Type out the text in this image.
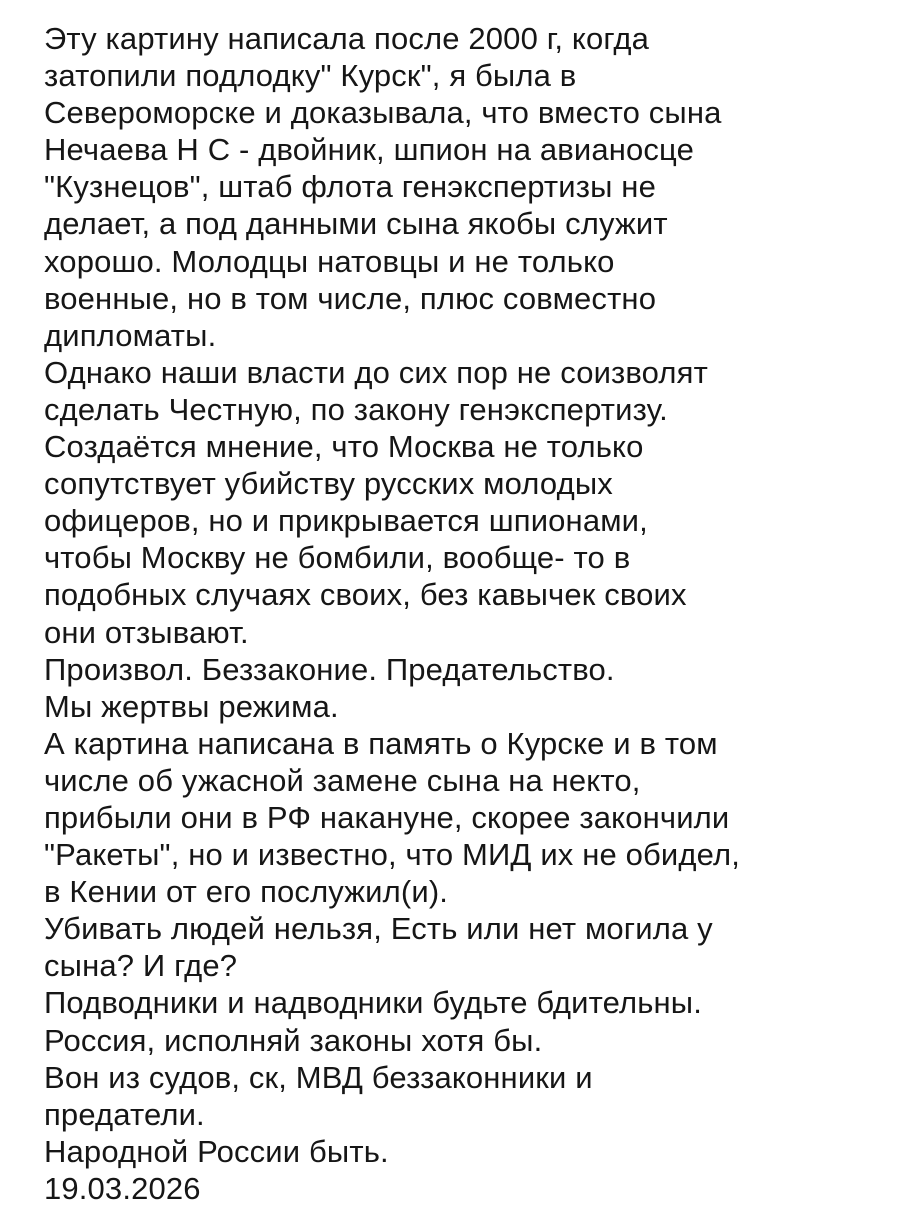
Эту картину написала после 2000 г, когда
затопили подлодку" Курск", я была в
Североморске и доказывала, что вместо сына
Нечаева Н С - двойник, шпион на авианосце
"Кузнецов", штаб флота генэкспертизы не
делает, а под данными сына якобы служит
хорошо. Молодцы натовцы и не только
военные, но в том числе, плюс совместно
дипломаты.
Однако наши власти до сих пор не соизволят
сделать Честную, по закону генэкспертизу.
Создаётся мнение, что Москва не только
сопутствует убийству русских молодых
офицеров, но и прикрывается шпионами,
чтобы Москву не бомбили, вообще- то в
подобных случаях своих, без кавычек своих
они отзывают.
Произвол. Беззаконие. Предательство.
Мы жертвы режима.
А картина написана в память о Курске и в том
числе об ужасной замене сына на некто,
прибыли они в РФ накануне, скорее закончили
"Ракеты", но и известно, что МИД их не обидел,
в Кении от его послужил(и).
Убивать людей нельзя, Есть или нет могила у
сына? И где?
Подводники и надводники будьте бдительны.
Россия, исполняй законы хотя бы.
Вон из судов, ск, МВД беззаконники и
предатели.
Народной России быть.
19.03.2026
